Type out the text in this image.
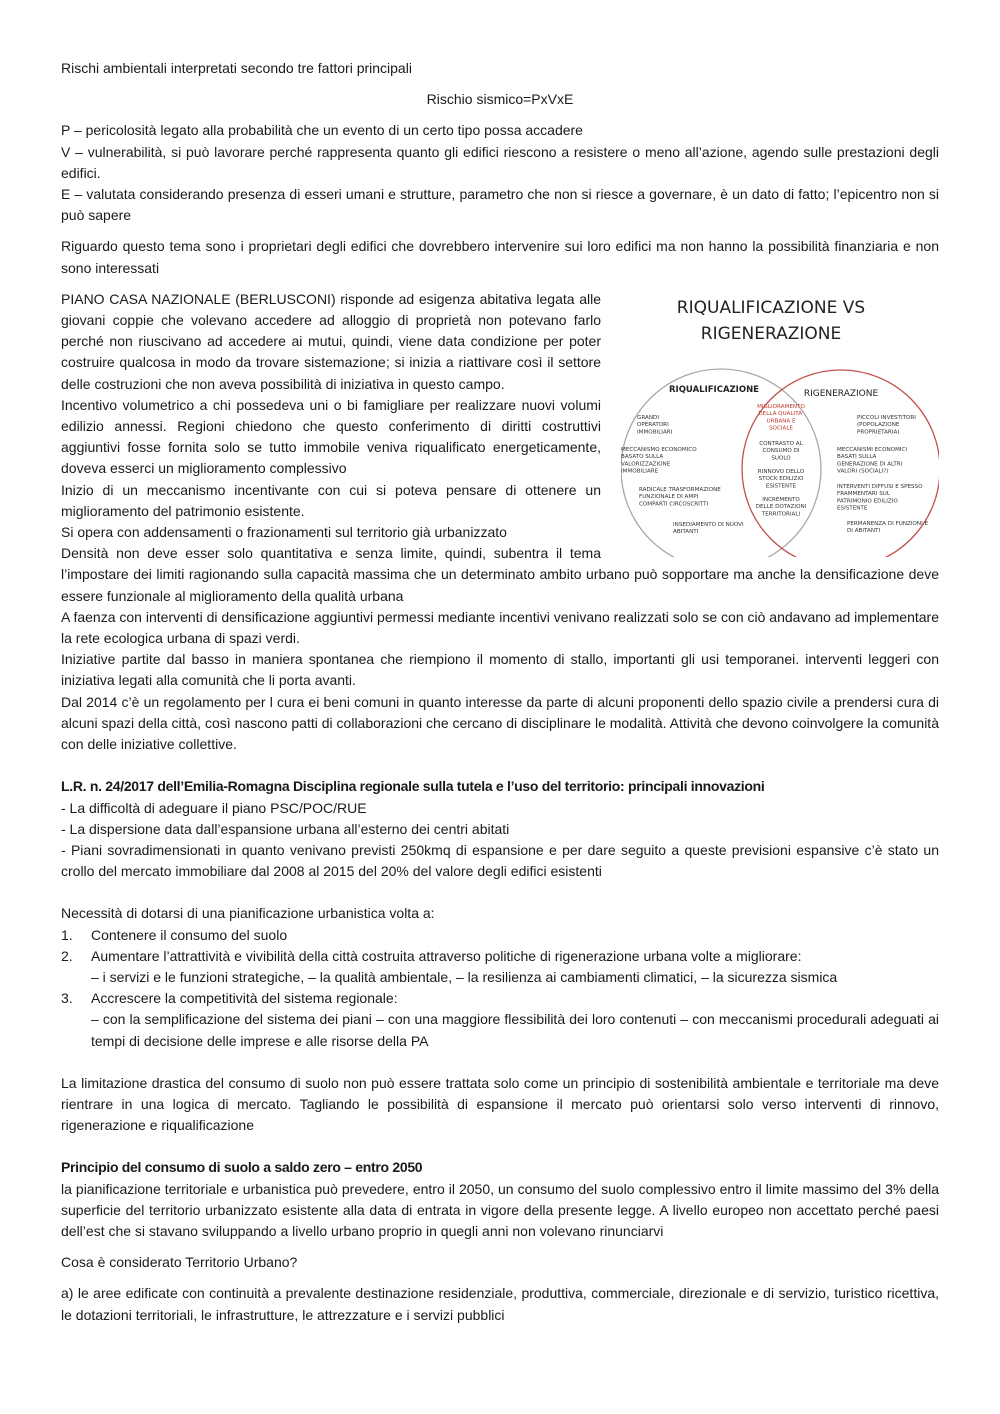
Rischi ambientali interpretati secondo tre fattori principali

Rischio sismico=PxVxE

P – pericolosità legato alla probabilità che un evento di un certo tipo possa accadere

V – vulnerabilità, si può lavorare perché rappresenta quanto gli edifici riescono a resistere o meno all’azione, agendo sulle prestazioni degli edifici.

E – valutata considerando presenza di esseri umani e strutture, parametro che non si riesce a governare, è un dato di fatto; l’epicentro non si può sapere

Riguardo questo tema sono i proprietari degli edifici che dovrebbero intervenire sui loro edifici ma non hanno la possibilità finanziaria e non sono interessati

RIQUALIFICAZIONE VS
RIGENERAZIONE
RIQUALIFICAZIONE	RIGENERAZIONE
GRANDI OPERATORI IMMOBILIARI
MECCANISMO ECONOMICO BASATO SULLA VALORIZZAZIONE IMMOBILIARE
RADICALE TRASFORMAZIONE FUNZIONALE DI AMPI COMPARTI CIRCOSCRITTI
INSEDIAMENTO DI NUOVI ABITANTI
MIGLIORAMENTO DELLA QUALITA' URBANA E SOCIALE
CONTRASTO AL CONSUMO DI SUOLO
RINNOVO DELLO STOCK EDILIZIO ESISTENTE
INCREMENTO DELLE DOTAZIONI TERRITORIALI
PICCOLI INVESTITORI (POPOLAZIONE PROPRIETARIA)
MECCANISMI ECONOMICI BASATI SULLA GENERAZIONE DI ALTRI VALORI (SOCIALI?)
INTERVENTI DIFFUSI E SPESSO FRAMMENTARI SUL PATRIMONIO EDILIZIO ESISTENTE
PERMANENZA DI FUNZIONI E DI ABITANTI

PIANO CASA NAZIONALE (BERLUSCONI) risponde ad esigenza abitativa legata alle giovani coppie che volevano accedere ad alloggio di proprietà non potevano farlo perché non riuscivano ad accedere ai mutui, quindi, viene data condizione per poter costruire qualcosa in modo da trovare sistemazione; si inizia a riattivare così il settore delle costruzioni che non aveva possibilità di iniziativa in questo campo.

Incentivo volumetrico a chi possedeva uni o bi famigliare per realizzare nuovi volumi edilizio annessi. Regioni chiedono che questo conferimento di diritti costruttivi aggiuntivi fosse fornita solo se tutto immobile veniva riqualificato energeticamente, doveva esserci un miglioramento complessivo

Inizio di un meccanismo incentivante con cui si poteva pensare di ottenere un miglioramento del patrimonio esistente.

Si opera con addensamenti o frazionamenti sul territorio già urbanizzato

Densità non deve esser solo quantitativa e senza limite, quindi, subentra il tema l’impostare dei limiti ragionando sulla capacità massima che un determinato ambito urbano può sopportare ma anche la densificazione deve essere funzionale al miglioramento della qualità urbana

A faenza con interventi di densificazione aggiuntivi permessi mediante incentivi venivano realizzati solo se con ciò andavano ad implementare la rete ecologica urbana di spazi verdi.

Iniziative partite dal basso in maniera spontanea che riempiono il momento di stallo, importanti gli usi temporanei. interventi leggeri con iniziativa legati alla comunità che li porta avanti.

Dal 2014 c’è un regolamento per l cura ei beni comuni in quanto interesse da parte di alcuni proponenti dello spazio civile a prendersi cura di alcuni spazi della città, così nascono patti di collaborazioni che cercano di disciplinare le modalità. Attività che devono coinvolgere la comunità con delle iniziative collettive.

L.R. n. 24/2017 dell’Emilia-Romagna Disciplina regionale sulla tutela e l’uso del territorio: principali innovazioni

- La difficoltà di adeguare il piano PSC/POC/RUE

- La dispersione data dall’espansione urbana all’esterno dei centri abitati

- Piani sovradimensionati in quanto venivano previsti 250kmq di espansione e per dare seguito a queste previsioni espansive c’è stato un crollo del mercato immobiliare dal 2008 al 2015 del 20% del valore degli edifici esistenti

Necessità di dotarsi di una pianificazione urbanistica volta a:

1.	Contenere il consumo del suolo
2.	Aumentare l’attrattività e vivibilità della città costruita attraverso politiche di rigenerazione urbana volte a migliorare:
– i servizi e le funzioni strategiche, – la qualità ambientale, – la resilienza ai cambiamenti climatici, – la sicurezza sismica
3.	Accrescere la competitività del sistema regionale:
– con la semplificazione del sistema dei piani – con una maggiore flessibilità dei loro contenuti – con meccanismi procedurali adeguati ai tempi di decisione delle imprese e alle risorse della PA

La limitazione drastica del consumo di suolo non può essere trattata solo come un principio di sostenibilità ambientale e territoriale ma deve rientrare in una logica di mercato. Tagliando le possibilità di espansione il mercato può orientarsi solo verso interventi di rinnovo, rigenerazione e riqualificazione

Principio del consumo di suolo a saldo zero – entro 2050

la pianificazione territoriale e urbanistica può prevedere, entro il 2050, un consumo del suolo complessivo entro il limite massimo del 3% della superficie del territorio urbanizzato esistente alla data di entrata in vigore della presente legge. A livello europeo non accettato perché paesi dell’est che si stavano sviluppando a livello urbano proprio in quegli anni non volevano rinunciarvi

Cosa è considerato Territorio Urbano?

a) le aree edificate con continuità a prevalente destinazione residenziale, produttiva, commerciale, direzionale e di servizio, turistico ricettiva, le dotazioni territoriali, le infrastrutture, le attrezzature e i servizi pubblici
